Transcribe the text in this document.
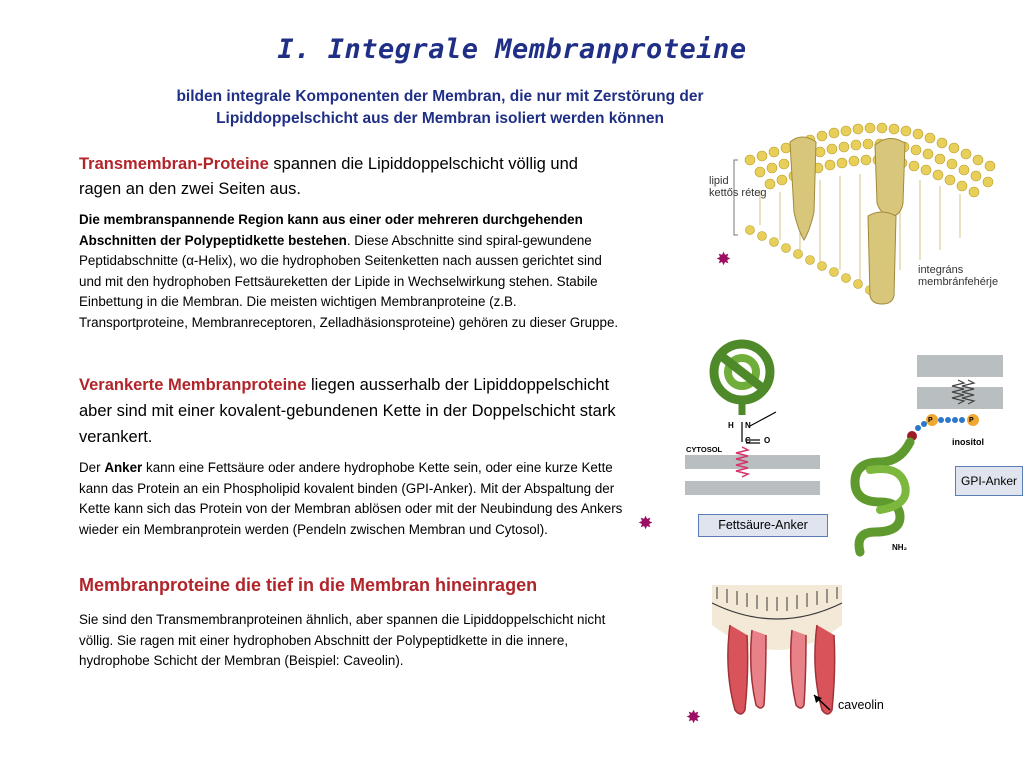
I. Integrale Membranproteine
bilden integrale Komponenten der Membran, die nur mit Zerstörung der
Lipiddoppelschicht aus der Membran isoliert werden können
Transmembran-Proteine spannen die Lipiddoppelschicht völlig und ragen an den zwei Seiten aus.
Die membranspannende Region kann aus einer oder mehreren durchgehenden Abschnitten der Polypeptidkette bestehen. Diese Abschnitte sind spiral-gewundene Peptidabschnitte (α-Helix), wo die hydrophoben Seitenketten nach aussen gerichtet sind und mit den hydrophoben Fettsäureketten der Lipide in Wechselwirkung stehen. Stabile Einbettung in die Membran. Die meisten wichtigen Membranproteine (z.B. Transportproteine, Membranreceptoren, Zelladhäsionsproteine) gehören zu dieser Gruppe.
Verankerte Membranproteine liegen ausserhalb der Lipiddoppelschicht aber sind mit einer kovalent-gebundenen Kette in der Doppelschicht stark verankert.
Der Anker kann eine Fettsäure oder andere hydrophobe Kette sein, oder eine kurze Kette kann das Protein an ein Phospholipid kovalent binden (GPI-Anker). Mit der Abspaltung der Kette kann sich das Protein von der Membran ablösen oder mit der Neubindung des Ankers wieder ein Membranprotein werden (Pendeln zwischen Membran und Cytosol).
Membranproteine die tief in die Membran hineinragen
Sie sind den Transmembranproteinen ähnlich, aber spannen die Lipiddoppelschicht nicht völlig. Sie ragen mit einer hydrophoben Abschnitt der Polypeptidkette in die innere, hydrophobe Schicht der Membran (Beispiel: Caveolin).
✸
✸
✸
lipid
kettős réteg
integráns
membránfehérje
H N
C O
CYTOSOL
Fettsäure-Anker
P	P
inositol
NH₂
GPI-Anker
caveolin
